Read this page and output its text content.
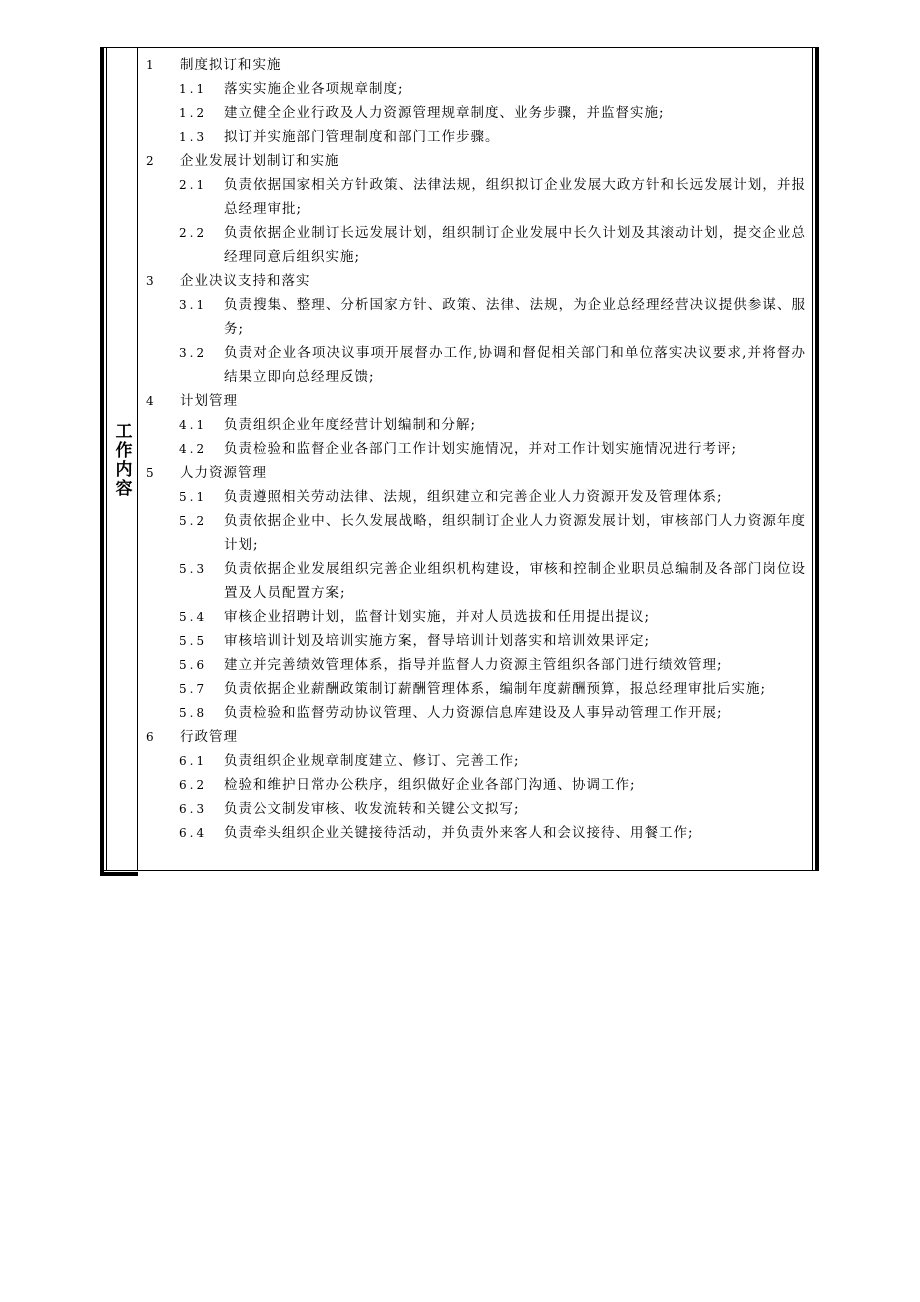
工作内容
1 制度拟订和实施
1.1 落实实施企业各项规章制度;
1.2 建立健全企业行政及人力资源管理规章制度、业务步骤，并监督实施;
1.3 拟订并实施部门管理制度和部门工作步骤。
2 企业发展计划制订和实施
2.1 负责依据国家相关方针政策、法律法规，组织拟订企业发展大政方针和长远发展计划，并报总经理审批;
2.2 负责依据企业制订长远发展计划，组织制订企业发展中长久计划及其滚动计划，提交企业总经理同意后组织实施;
3 企业决议支持和落实
3.1 负责搜集、整理、分析国家方针、政策、法律、法规，为企业总经理经营决议提供参谋、服务;
3.2 负责对企业各项决议事项开展督办工作,协调和督促相关部门和单位落实决议要求,并将督办结果立即向总经理反馈;
4 计划管理
4.1 负责组织企业年度经营计划编制和分解;
4.2 负责检验和监督企业各部门工作计划实施情况，并对工作计划实施情况进行考评;
5 人力资源管理
5.1 负责遵照相关劳动法律、法规，组织建立和完善企业人力资源开发及管理体系;
5.2 负责依据企业中、长久发展战略，组织制订企业人力资源发展计划，审核部门人力资源年度计划;
5.3 负责依据企业发展组织完善企业组织机构建设，审核和控制企业职员总编制及各部门岗位设置及人员配置方案;
5.4 审核企业招聘计划，监督计划实施，并对人员选拔和任用提出提议;
5.5 审核培训计划及培训实施方案，督导培训计划落实和培训效果评定;
5.6 建立并完善绩效管理体系，指导并监督人力资源主管组织各部门进行绩效管理;
5.7 负责依据企业薪酬政策制订薪酬管理体系，编制年度薪酬预算，报总经理审批后实施;
5.8 负责检验和监督劳动协议管理、人力资源信息库建设及人事异动管理工作开展;
6 行政管理
6.1 负责组织企业规章制度建立、修订、完善工作;
6.2 检验和维护日常办公秩序，组织做好企业各部门沟通、协调工作;
6.3 负责公文制发审核、收发流转和关键公文拟写;
6.4 负责牵头组织企业关键接待活动，并负责外来客人和会议接待、用餐工作;
